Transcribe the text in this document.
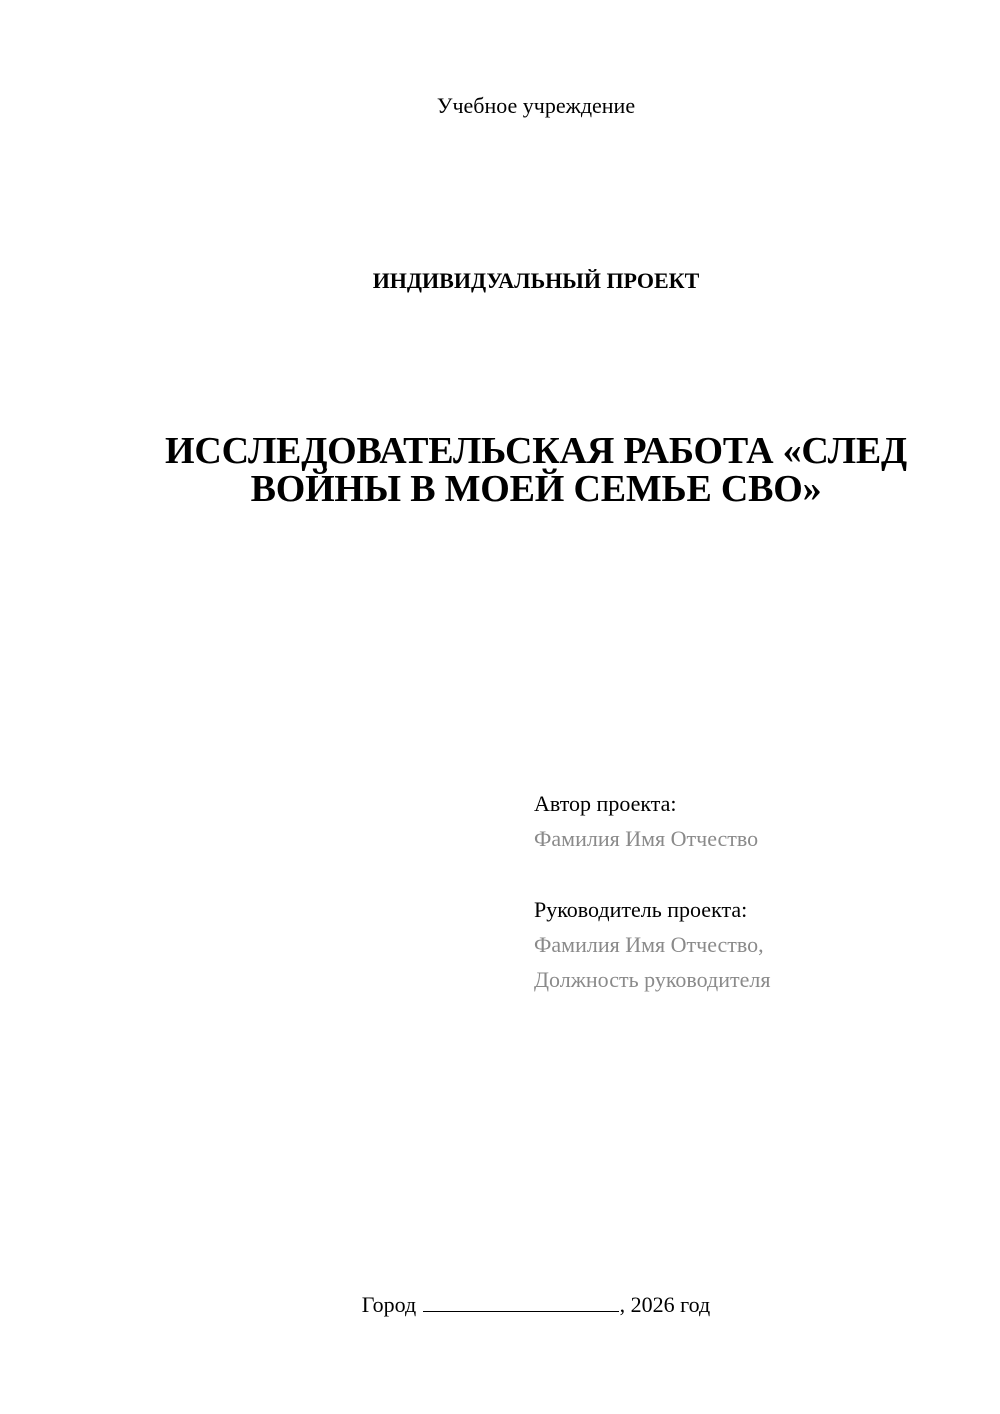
Учебное учреждение
ИНДИВИДУАЛЬНЫЙ ПРОЕКТ
ИССЛЕДОВАТЕЛЬСКАЯ РАБОТА «СЛЕД
ВОЙНЫ В МОЕЙ СЕМЬЕ СВО»
Автор проекта:
Фамилия Имя Отчество
Руководитель проекта:
Фамилия Имя Отчество,
Должность руководителя
Город	, 2026 год
